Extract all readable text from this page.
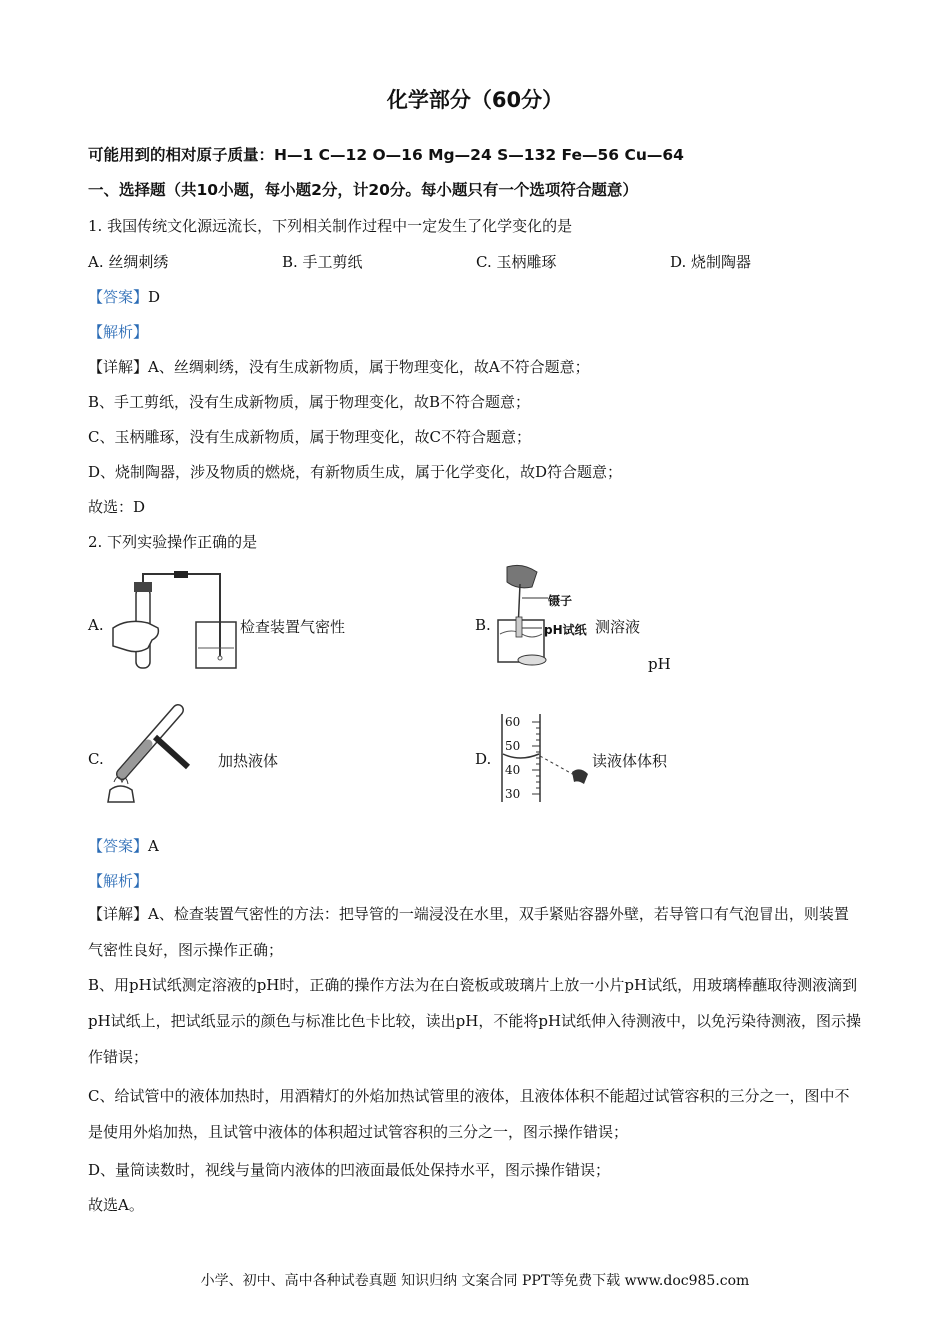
化学部分（60分）
可能用到的相对原子质量：H—1 C—12 O—16 Mg—24 S—132 Fe—56 Cu—64
一、选择题（共10小题，每小题2分，计20分。每小题只有一个选项符合题意）
1. 我国传统文化源远流长，下列相关制作过程中一定发生了化学变化的是
A. 丝绸刺绣	B. 手工剪纸	C. 玉柄雕琢	D. 烧制陶器
【答案】D
【解析】
【详解】A、丝绸刺绣，没有生成新物质，属于物理变化，故A不符合题意；
B、手工剪纸，没有生成新物质，属于物理变化，故B不符合题意；
C、玉柄雕琢，没有生成新物质，属于物理变化，故C不符合题意；
D、烧制陶器，涉及物质的燃烧，有新物质生成，属于化学变化，故D符合题意；
故选：D
2. 下列实验操作正确的是
A.	检查装置气密性	B.
镊子
pH试纸 测溶液
pH
C.	加热液体	D.
60
50
40
30
读液体体积
【答案】A
【解析】
【详解】A、检查装置气密性的方法：把导管的一端浸没在水里，双手紧贴容器外壁，若导管口有气泡冒出，则装置气密性良好，图示操作正确；
B、用pH试纸测定溶液的pH时，正确的操作方法为在白瓷板或玻璃片上放一小片pH试纸，用玻璃棒蘸取待测液滴到pH试纸上，把试纸显示的颜色与标准比色卡比较，读出pH，不能将pH试纸伸入待测液中，以免污染待测液，图示操作错误；
C、给试管中的液体加热时，用酒精灯的外焰加热试管里的液体，且液体体积不能超过试管容积的三分之一，图中不是使用外焰加热，且试管中液体的体积超过试管容积的三分之一，图示操作错误；
D、量筒读数时，视线与量筒内液体的凹液面最低处保持水平，图示操作错误；
故选A。
小学、初中、高中各种试卷真题 知识归纳 文案合同 PPT等免费下载 www.doc985.com
